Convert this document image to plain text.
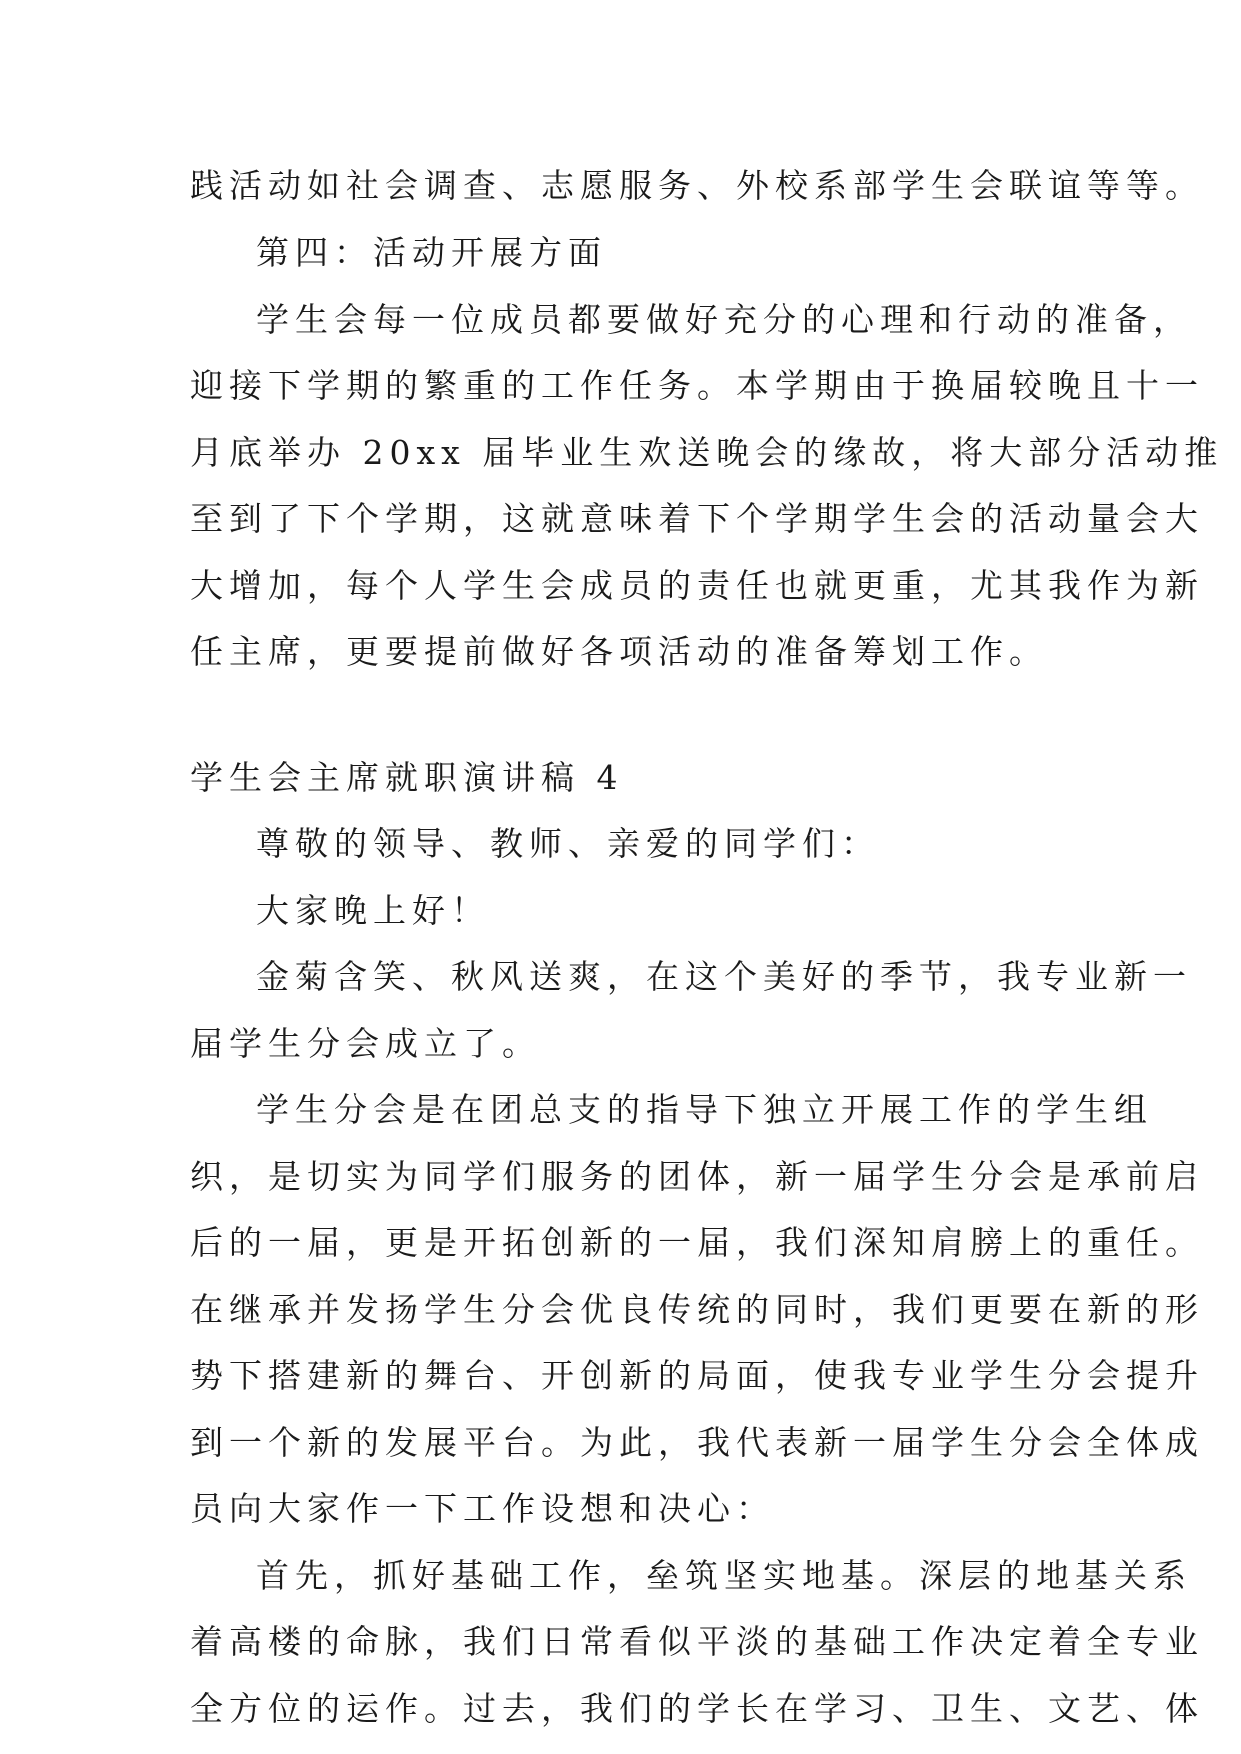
践活动如社会调查、志愿服务、外校系部学生会联谊等等。

第四：活动开展方面

学生会每一位成员都要做好充分的心理和行动的准备，

迎接下学期的繁重的工作任务。本学期由于换届较晚且十一

月底举办 20xx 届毕业生欢送晚会的缘故，将大部分活动推

至到了下个学期，这就意味着下个学期学生会的活动量会大

大增加，每个人学生会成员的责任也就更重，尤其我作为新

任主席，更要提前做好各项活动的准备筹划工作。

学生会主席就职演讲稿 4

尊敬的领导、教师、亲爱的同学们：

大家晚上好！

金菊含笑、秋风送爽，在这个美好的季节，我专业新一

届学生分会成立了。

学生分会是在团总支的指导下独立开展工作的学生组

织，是切实为同学们服务的团体，新一届学生分会是承前启

后的一届，更是开拓创新的一届，我们深知肩膀上的重任。

在继承并发扬学生分会优良传统的同时，我们更要在新的形

势下搭建新的舞台、开创新的局面，使我专业学生分会提升

到一个新的发展平台。为此，我代表新一届学生分会全体成

员向大家作一下工作设想和决心：

首先，抓好基础工作，垒筑坚实地基。深层的地基关系

着高楼的命脉，我们日常看似平淡的基础工作决定着全专业

全方位的运作。过去，我们的学长在学习、卫生、文艺、体
